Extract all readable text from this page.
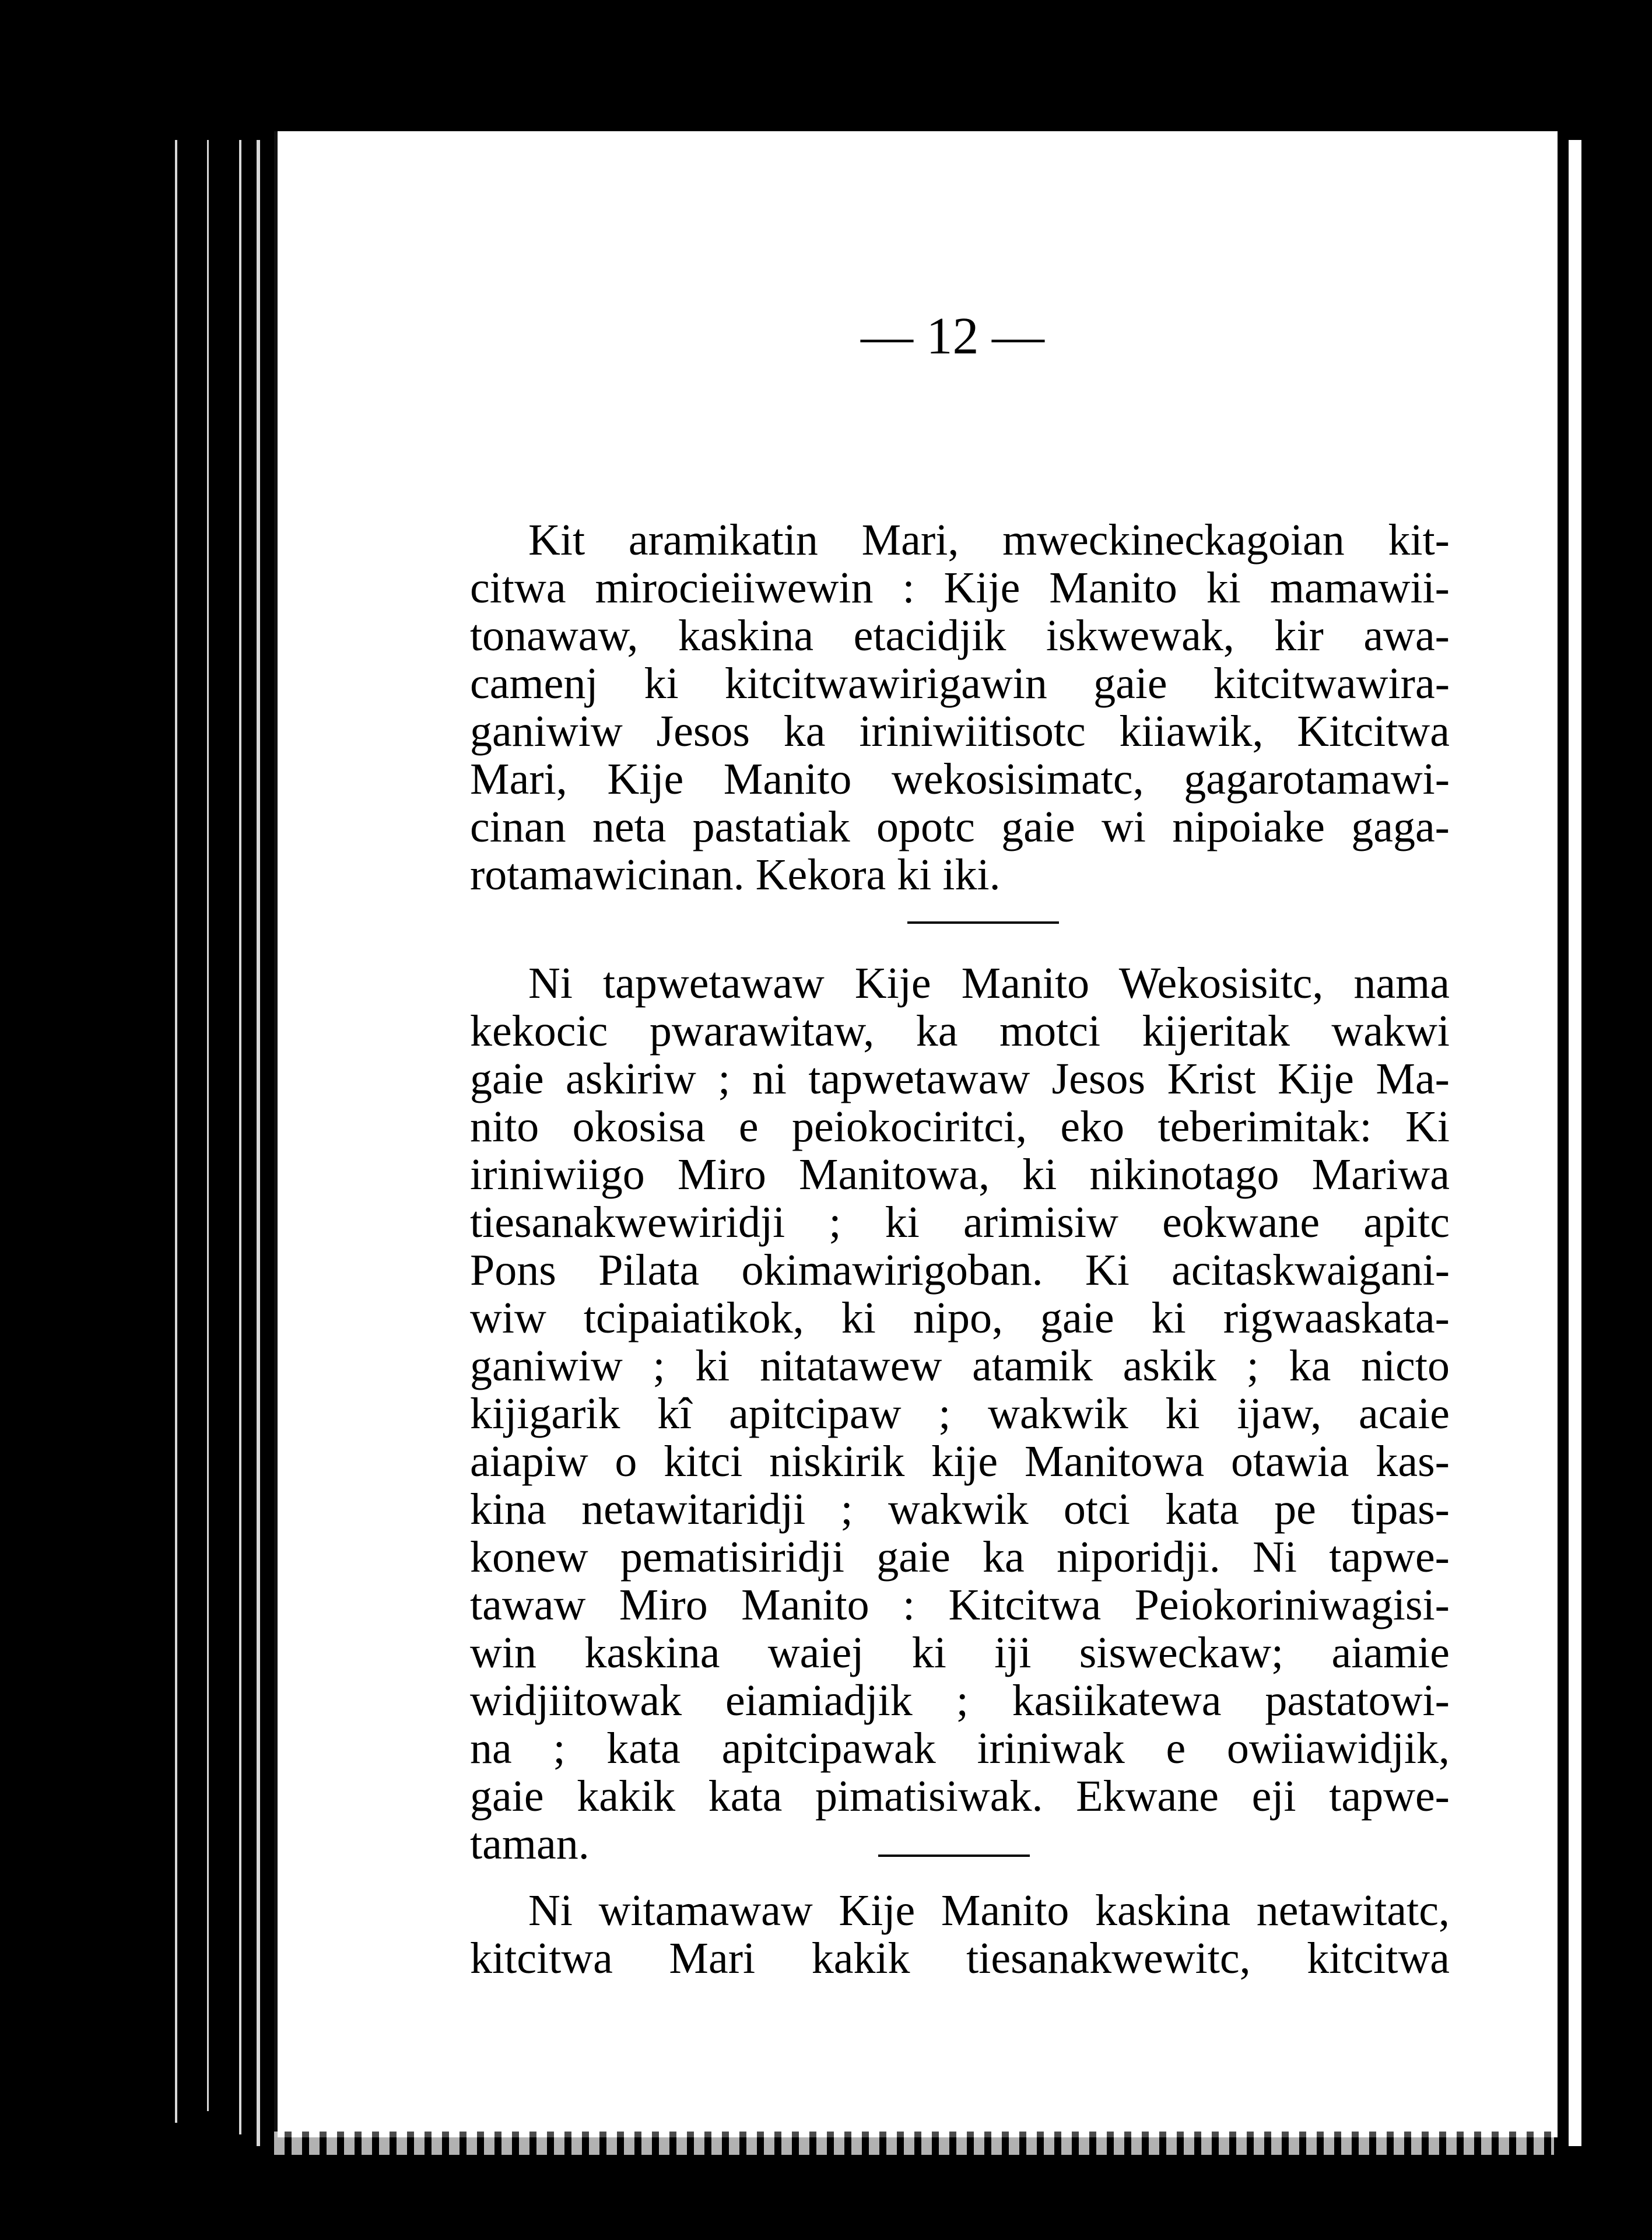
— 12 —

Kit aramikatin Mari, mweckineckagoian kit-
citwa mirocieiiwewin : Kije Manito ki mamawii-
tonawaw, kaskina etacidjik iskwewak, kir awa-
camenj ki kitcitwawirigawin gaie kitcitwawira-
ganiwiw Jesos ka iriniwiitisotc kiiawik, Kitcitwa
Mari, Kije Manito wekosisimatc, gagarotamawi-
cinan neta pastatiak opotc gaie wi nipoiake gaga-
rotamawicinan. Kekora ki iki.

Ni tapwetawaw Kije Manito Wekosisitc, nama
kekocic pwarawitaw, ka motci kijeritak wakwi
gaie askiriw ; ni tapwetawaw Jesos Krist Kije Ma-
nito okosisa e peiokociritci, eko teberimitak: Ki
iriniwiigo Miro Manitowa, ki nikinotago Mariwa
tiesanakwewiridji ; ki arimisiw eokwane apitc
Pons Pilata okimawirigoban. Ki acitaskwaigani-
wiw tcipaiatikok, ki nipo, gaie ki rigwaaskata-
ganiwiw ; ki nitatawew atamik askik ; ka nicto
kijigarik kî apitcipaw ; wakwik ki ijaw, acaie
aiapiw o kitci niskirik kije Manitowa otawia kas-
kina netawitaridji ; wakwik otci kata pe tipas-
konew pematisiridji gaie ka niporidji. Ni tapwe-
tawaw Miro Manito : Kitcitwa Peiokoriniwagisi-
win kaskina waiej ki iji sisweckaw; aiamie
widjiitowak eiamiadjik ; kasiikatewa pastatowi-
na ; kata apitcipawak iriniwak e owiiawidjik,
gaie kakik kata pimatisiwak. Ekwane eji tapwe-
taman.

Ni witamawaw Kije Manito kaskina netawitatc,
kitcitwa Mari kakik tiesanakwewitc, kitcitwa
